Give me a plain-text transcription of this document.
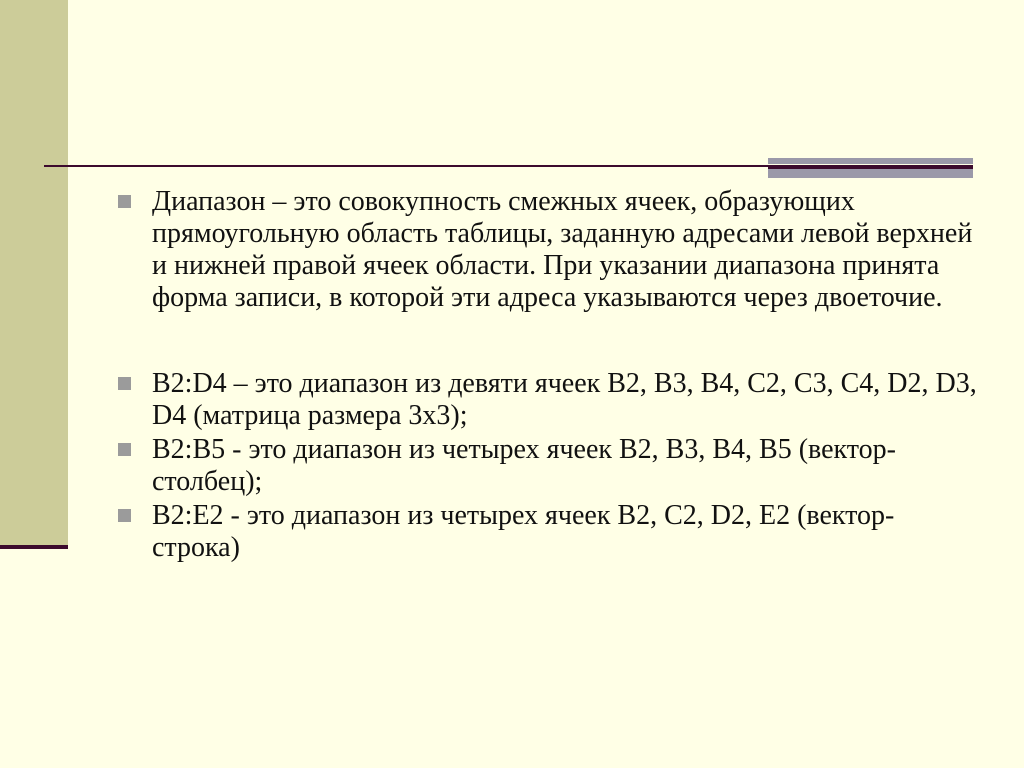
Диапазон – это совокупность смежных ячеек, образующих прямоугольную область таблицы, заданную адресами левой верхней и нижней правой ячеек области. При указании диапазона принята форма записи, в которой эти адреса указываются через двоеточие.
B2:D4 – это диапазон из девяти ячеек B2, B3, B4, C2, C3, C4, D2, D3, D4 (матрица размера 3х3);
B2:B5 - это диапазон из четырех ячеек B2, B3, B4, B5 (вектор- столбец);
B2:E2 - это диапазон из четырех ячеек B2, C2, D2, E2 (вектор-строка)
